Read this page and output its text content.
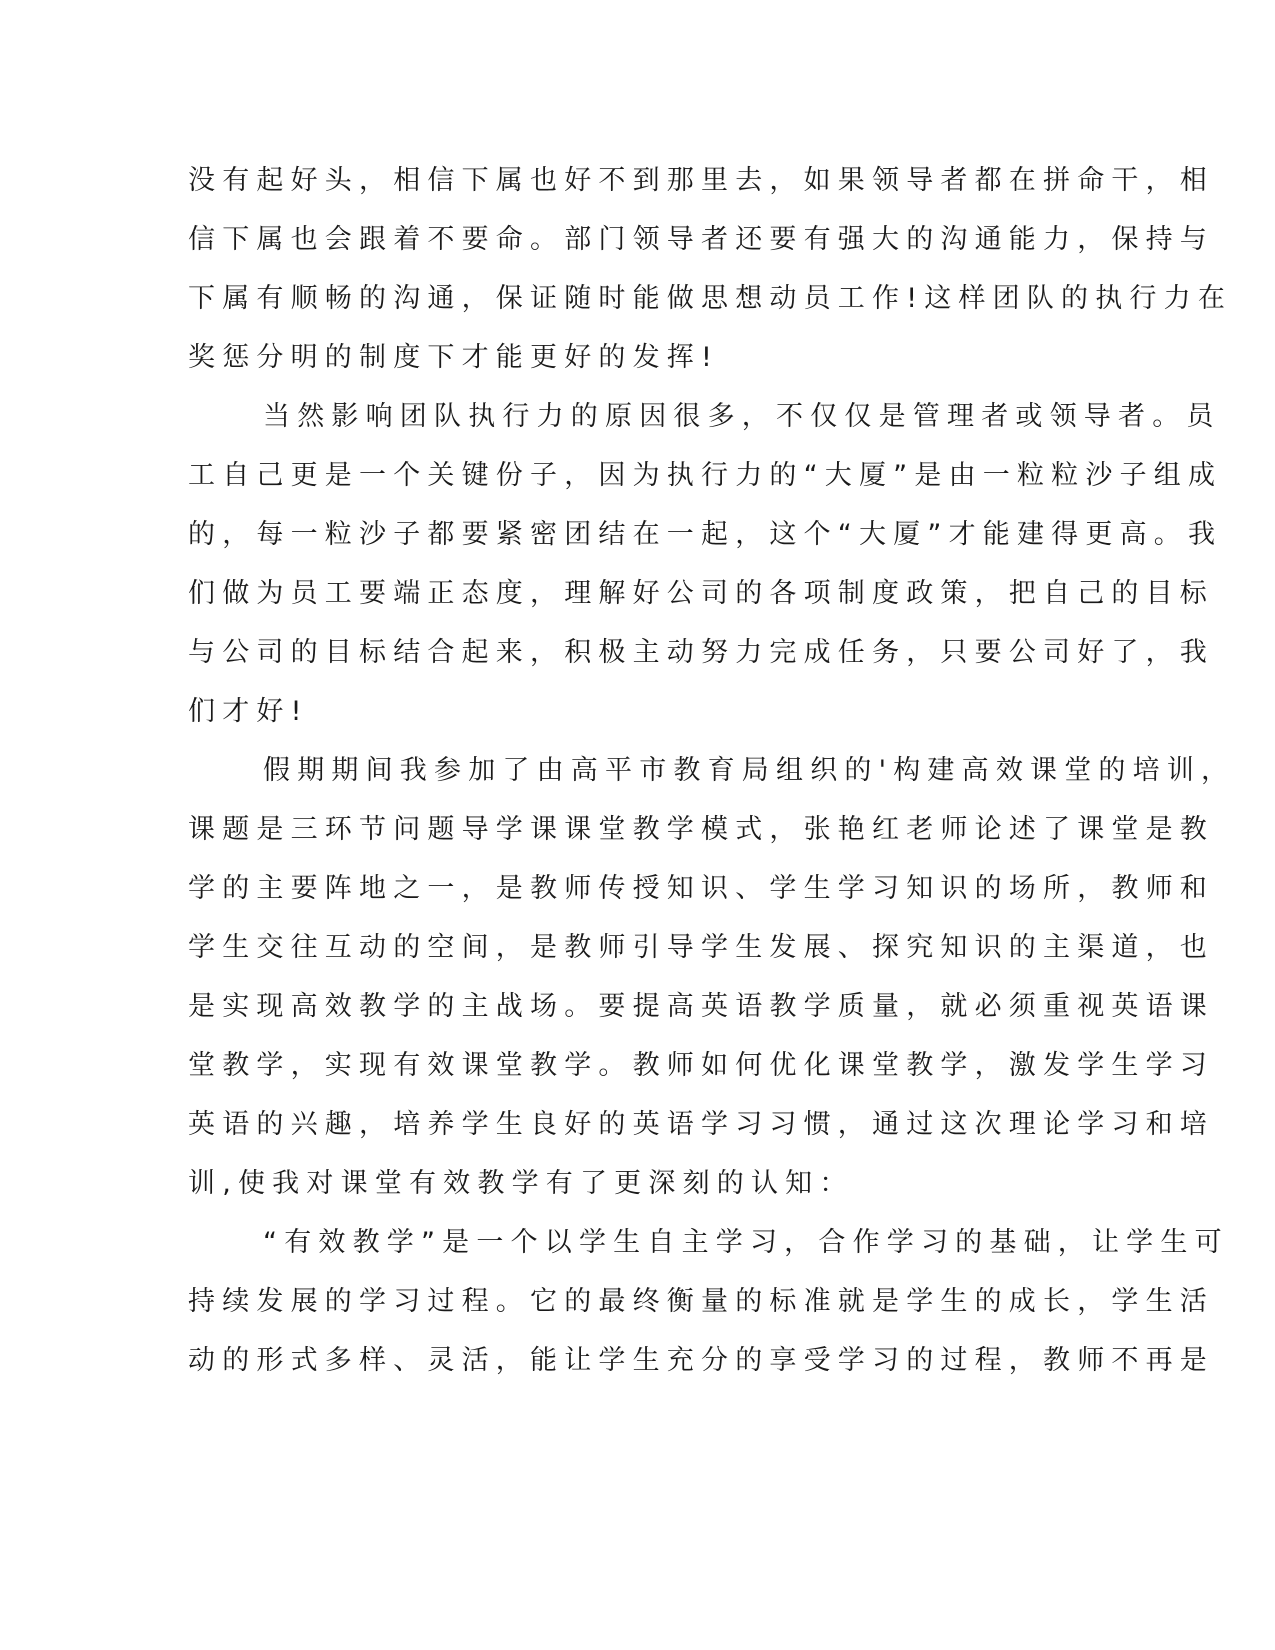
没有起好头，相信下属也好不到那里去，如果领导者都在拼命干，相
信下属也会跟着不要命。部门领导者还要有强大的沟通能力，保持与
下属有顺畅的沟通，保证随时能做思想动员工作!这样团队的执行力在
奖惩分明的制度下才能更好的发挥!
当然影响团队执行力的原因很多，不仅仅是管理者或领导者。员
工自己更是一个关键份子，因为执行力的“大厦”是由一粒粒沙子组成
的，每一粒沙子都要紧密团结在一起，这个“大厦”才能建得更高。我
们做为员工要端正态度，理解好公司的各项制度政策，把自己的目标
与公司的目标结合起来，积极主动努力完成任务，只要公司好了，我
们才好!
假期期间我参加了由高平市教育局组织的'构建高效课堂的培训，
课题是三环节问题导学课课堂教学模式，张艳红老师论述了课堂是教
学的主要阵地之一，是教师传授知识、学生学习知识的场所，教师和
学生交往互动的空间，是教师引导学生发展、探究知识的主渠道，也
是实现高效教学的主战场。要提高英语教学质量，就必须重视英语课
堂教学，实现有效课堂教学。教师如何优化课堂教学，激发学生学习
英语的兴趣，培养学生良好的英语学习习惯，通过这次理论学习和培
训,使我对课堂有效教学有了更深刻的认知：
“有效教学”是一个以学生自主学习，合作学习的基础，让学生可
持续发展的学习过程。它的最终衡量的标准就是学生的成长，学生活
动的形式多样、灵活，能让学生充分的享受学习的过程，教师不再是
